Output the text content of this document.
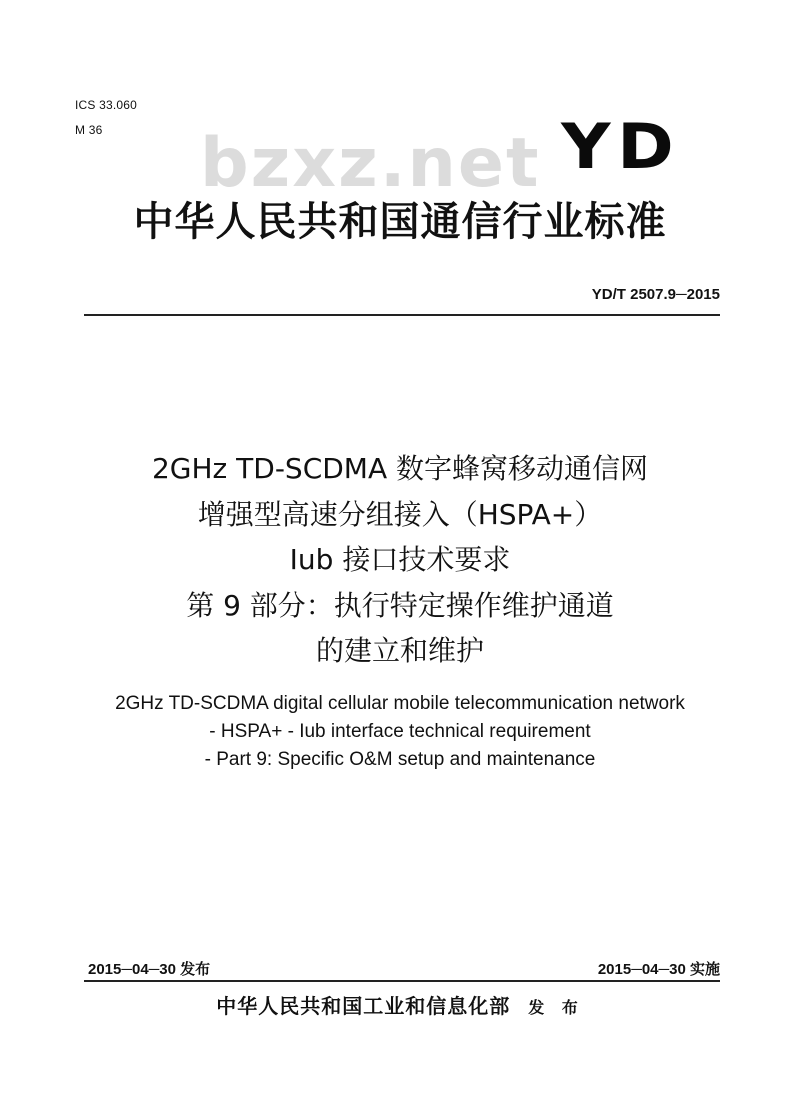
ICS 33.060
M 36 bzxz.net YD
中华人民共和国通信行业标准
YD/T 2507.9─2015
2GHz TD-SCDMA 数字蜂窝移动通信网
增强型高速分组接入（HSPA+）
Iub 接口技术要求
第 9 部分：执行特定操作维护通道
的建立和维护
2GHz TD-SCDMA digital cellular mobile telecommunication network
- HSPA+ - Iub interface technical requirement
- Part 9: Specific O&M setup and maintenance
2015─04─30 发布	2015─04─30 实施
中华人民共和国工业和信息化部 发 布
